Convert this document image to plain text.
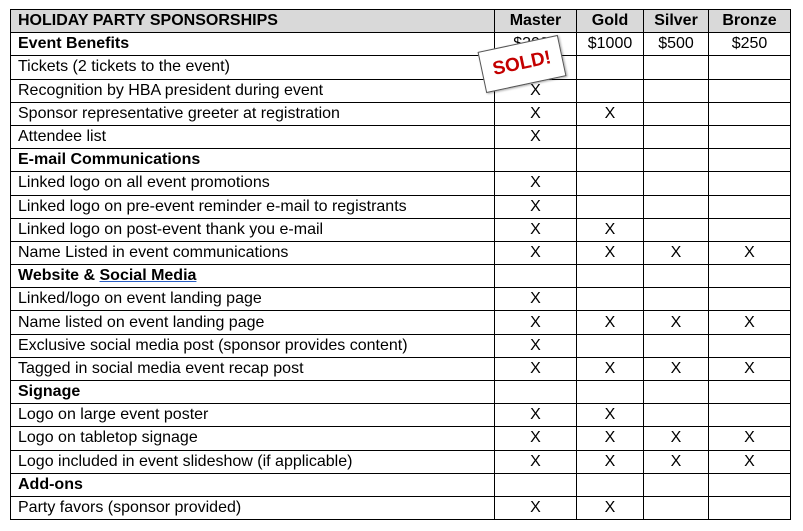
HOLIDAY PARTY SPONSORSHIPS	Master	Gold	Silver	Bronze
Event Benefits		$1000	$500	$250
Tickets (2 tickets to the event)				
Recognition by HBA president during event	X			
Sponsor representative greeter at registration	X	X		
Attendee list	X			
E-mail Communications				
Linked logo on all event promotions	X			
Linked logo on pre-event reminder e-mail to registrants	X			
Linked logo on post-event thank you e-mail	X	X		
Name Listed in event communications	X	X	X	X
Website & Social Media				
Linked/logo on event landing page	X			
Name listed on event landing page	X	X	X	X
Exclusive social media post (sponsor provides content)	X			
Tagged in social media event recap post	X	X	X	X
Signage				
Logo on large event poster	X	X		
Logo on tabletop signage	X	X	X	X
Logo included in event slideshow (if applicable)	X	X	X	X
Add-ons				
Party favors (sponsor provided)	X	X		
SOLD!
